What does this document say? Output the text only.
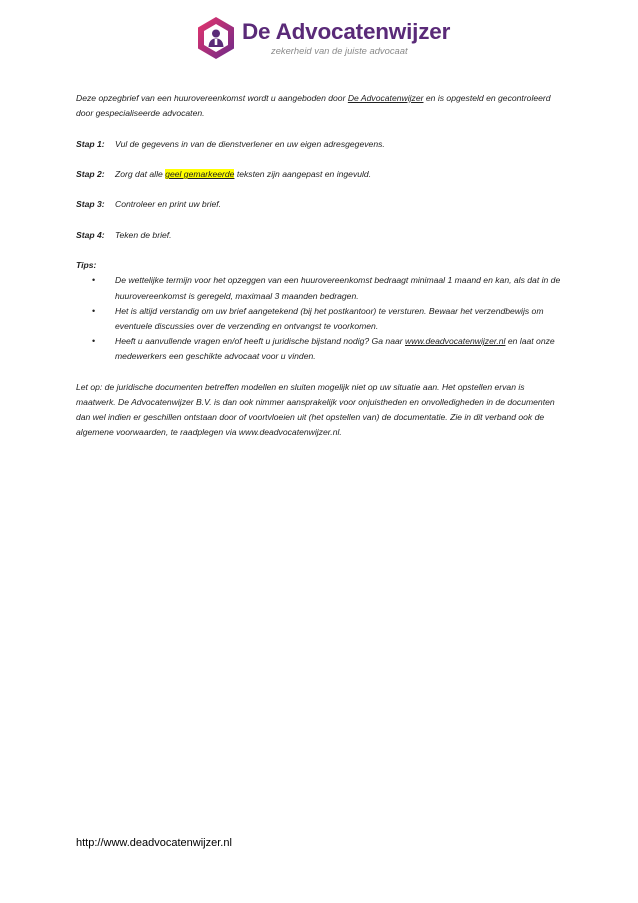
De Advocatenwijzer
zekerheid van de juiste advocaat

Deze opzegbrief van een huurovereenkomst wordt u aangeboden door De Advocatenwijzer en is opgesteld en gecontroleerd door gespecialiseerde advocaten.

Stap 1: Vul de gegevens in van de dienstverlener en uw eigen adresgegevens.

Stap 2: Zorg dat alle geel gemarkeerde teksten zijn aangepast en ingevuld.

Stap 3: Controleer en print uw brief.

Stap 4: Teken de brief.

Tips:

• De wettelijke termijn voor het opzeggen van een huurovereenkomst bedraagt minimaal 1 maand en kan, als dat in de huurovereenkomst is geregeld, maximaal 3 maanden bedragen.
• Het is altijd verstandig om uw brief aangetekend (bij het postkantoor) te versturen. Bewaar het verzendbewijs om eventuele discussies over de verzending en ontvangst te voorkomen.
• Heeft u aanvullende vragen en/of heeft u juridische bijstand nodig? Ga naar www.deadvocatenwijzer.nl en laat onze medewerkers een geschikte advocaat voor u vinden.

Let op: de juridische documenten betreffen modellen en sluiten mogelijk niet op uw situatie aan. Het opstellen ervan is maatwerk. De Advocatenwijzer B.V. is dan ook nimmer aansprakelijk voor onjuistheden en onvolledigheden in de documenten dan wel indien er geschillen ontstaan door of voortvloeien uit (het opstellen van) de documentatie. Zie in dit verband ook de algemene voorwaarden, te raadplegen via www.deadvocatenwijzer.nl.

http://www.deadvocatenwijzer.nl
